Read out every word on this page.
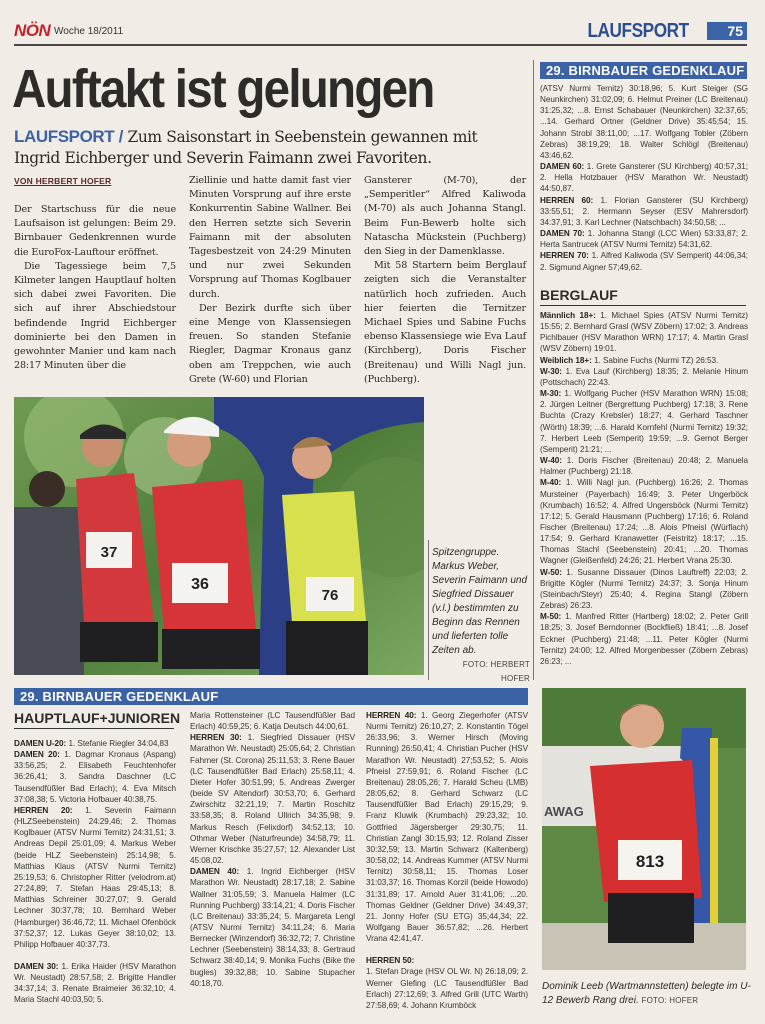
NÖN Woche 18/2011	LAUFSPORT	75
Auftakt ist gelungen
LAUFSPORT / Zum Saisonstart in Seebenstein gewannen mit Ingrid Eichberger und Severin Faimann zwei Favoriten.
VON HERBERT HOFER

Der Startschuss für die neue Laufsaison ist gelungen: Beim 29. Birnbauer Gedenkrennen wurde die EuroFox-Lauftour eröffnet.

Die Tagessiege beim 7,5 Kilmeter langen Hauptlauf holten sich dabei zwei Favoriten. Die sich auf ihrer Abschiedstour befindende Ingrid Eichberger dominierte bei den Damen in gewohnter Manier und kam nach 28:17 Minuten über die

Ziellinie und hatte damit fast vier Minuten Vorsprung auf ihre erste Konkurrentin Sabine Wallner. Bei den Herren setzte sich Severin Faimann mit der absoluten Tagesbestzeit von 24:29 Minuten und nur zwei Sekunden Vorsprung auf Thomas Koglbauer durch.

Der Bezirk durfte sich über eine Menge von Klassensiegen freuen. So standen Stefanie Riegler, Dagmar Kronaus ganz oben am Treppchen, wie auch Grete (W-60) und Florian

Gansterer (M-70), der „Semperitler“ Alfred Kaliwoda (M-70) als auch Johanna Stangl. Beim Fun-Bewerb holte sich Natascha Mückstein (Puchberg) den Sieg in der Damenklasse.

Mit 58 Startern beim Berglauf zeigten sich die Veranstalter natürlich hoch zufrieden. Auch hier feierten die Ternitzer Michael Spies und Sabine Fuchs ebenso Klassensiege wie Eva Lauf (Kirchberg), Doris Fischer (Breitenau) und Willi Nagl jun. (Puchberg).

37
36
76
Spitzengruppe. Markus Weber, Severin Faimann und Siegfried Dissauer (v.l.) bestimmten zu Beginn das Rennen und lieferten tolle Zeiten ab.
FOTO: HERBERT HOFER
29. BIRNBAUER GEDENKLAUF
(ATSV Nurmi Ternitz) 30:18,96; 5. Kurt Steiger (SG Neunkirchen) 31:02,09; 6. Helmut Preiner (LC Breitenau) 31:25,32; ...8. Ernst Schabauer (Neunkirchen) 32:37,65; ...14. Gerhard Ortner (Geldner Drive) 35:45;54; 15. Johann Strobl 38:11,00; ...17. Wolfgang Tobler (Zöbern Zebras) 38:19,29; 18. Walter Schlögl (Breitenau) 43:46,62.
DAMEN 60: 1. Grete Gansterer (SU Kirchberg) 40:57,31; 2. Hella Hotzbauer (HSV Marathon Wr. Neustadt) 44:50,87.
HERREN 60: 1. Florian Gansterer (SU Kirchberg) 33:55,51; 2. Hermann Seyser (ESV Mahrersdorf) 34:37,91; 3. Karl Lechner (Natschbach) 34:50,58; ...
DAMEN 70: 1. Johanna Stangl (LCC Wien) 53:33,87; 2. Herta Santrucek (ATSV Nurmi Ternitz) 54:31,62.
HERREN 70: 1. Alfred Kaliwoda (SV Semperit) 44:06,34; 2. Sigmund Aigner 57;49,62.
BERGLAUF
Männlich 18+: 1. Michael Spies (ATSV Nurmi Ternitz) 15:55; 2. Bernhard Grasl (WSV Zöbern) 17:02; 3. Andreas Pichlbauer (HSV Marathon WRN) 17:17; 4. Martin Grasl (WSV Zöbern) 19:01.
Weiblich 18+: 1. Sabine Fuchs (Nurmi TZ) 26:53.
W-30: 1. Eva Lauf (Kirchberg) 18:35; 2. Melanie Hinum (Pottschach) 22:43.
M-30: 1. Wolfgang Pucher (HSV Marathon WRN) 15:08; 2. Jürgen Leitner (Bergrettung Puchberg) 17:18; 3. Rene Buchta (Crazy Krebsler) 18:27; 4. Gerhard Taschner (Wörth) 18:39; ...6. Harald Kornfehl (Nurmi Ternitz) 19:32; 7. Herbert Leeb (Semperit) 19:59; ...9. Gernot Berger (Semperit) 21:21; ...
W-40: 1. Doris Fischer (Breitenau) 20:48; 2. Manuela Halmer (Puchberg) 21:18.
M-40: 1. Willi Nagl jun. (Puchberg) 16:26; 2. Thomas Mursteiner (Payerbach) 16:49; 3. Peter Ungerböck (Krumbach) 16:52; 4. Alfred Ungersböck (Nurmi Ternitz) 17:12; 5. Gerald Hausmann (Puchberg) 17:16; 6. Roland Fischer (Breitenau) 17:24; ...8. Alois Pfneisl (Würflach) 17:54; 9. Gerhard Kranawetter (Feistritz) 18:17; ...15. Thomas Stachl (Seebenstein) 20:41; ...20. Thomas Wagner (Gleißenfeld) 24:26; 21. Herbert Vrana 25:30.
W-50: 1. Susanne Dissauer (Dinos Lauftreff) 22:03; 2. Brigitte Kögler (Nurmi Ternitz) 24:37; 3. Sonja Hinum (Steinbach/Steyr) 25:40; 4. Regina Stangl (Zöbern Zebras) 26:23.
M-50: 1. Manfred Ritter (Hartberg) 18:02; 2. Peter Grill 18:25; 3. Josef Berndonner (Bockfließ) 18:41; ...8. Josef Eckner (Puchberg) 21:48; ...11. Peter Kögler (Nurmi Ternitz) 24:00; 12. Alfred Morgenbesser (Zöbern Zebras) 26:23; ...
29. BIRNBAUER GEDENKLAUF
HAUPTLAUF+JUNIOREN
DAMEN U-20: 1. Stefanie Riegler 34:04,83
DAMEN 20: 1. Dagmar Kronaus (Aspang) 33:56,25; 2. Elisabeth Feuchtenhofer 36:26,41; 3. Sandra Daschner (LC Tausendfüßler Bad Erlach); 4. Eva Mitsch 37:08,38; 5. Victoria Hofbauer 40:38,75.
HERREN 20: 1. Severin Faimann (HLZSeebenstein) 24:29,46; 2. Thomas Koglbauer (ATSV Nurmi Ternitz) 24:31,51; 3. Andreas Depil 25:01,09; 4. Markus Weber (beide HLZ Seebenstein) 25:14,98; 5. Matthias Klaus (ATSV Nurmi Ternitz) 25:19,53; 6. Christopher Ritter (velodrom.at) 27:24,89; 7. Stefan Haas 29:45,13; 8. Matthias Schreiner 30:27,07; 9. Gerald Lechner 30:37,78; 10. Bernhard Weber (Hamburger) 36:46,72; 11. Michael Ofenböck 37:52,37; 12. Lukas Geyer 38:10,02; 13. Philipp Hofbauer 40:37,73.
DAMEN 30: 1. Erika Haider (HSV Marathon Wr. Neustadt) 28:57,58; 2. Brigitte Handler 34:37,14; 3. Renate Braimeier 36:32,10; 4. Maria Stachl 40:03,50; 5.
Maria Rottensteiner (LC Tausendfüßler Bad Erlach) 40:59,25; 6. Katja Deutsch 44:00,61.
HERREN 30: 1. Siegfried Dissauer (HSV Marathon Wr. Neustadt) 25:05,64; 2. Christian Fahrner (St. Corona) 25:11,53; 3. Rene Bauer (LC Tausendfüßler Bad Erlach) 25:58,11; 4. Dieter Hofer 30:51,99; 5. Andreas Zwerger (beide SV Altendorf) 30:53,70; 6. Gerhard Zwirschitz 32:21,19; 7. Martin Roschitz 33:58,35; 8. Roland Ullrich 34:35,98; 9. Markus Resch (Felixdorf) 34:52,13; 10. Othmar Weber (Naturfreunde) 34:58,79; 11. Werner Krischke 35:27,57; 12. Alexander List 45:08,02.
DAMEN 40: 1. Ingrid Eichberger (HSV Marathon Wr. Neustadt) 28:17,18; 2. Sabine Wallner 31:05,59; 3. Manuela Halmer (LC Running Puchberg) 33:14,21; 4. Doris Fischer (LC Breitenau) 33:35,24; 5. Margareta Lengl (ATSV Nurmi Ternitz) 34:11,24; 6. Maria Bernecker (Winzendorf) 36:32,72; 7. Christine Lechner (Seebenstein) 38:14,33; 8. Gertraud Schwarz 38:40,14; 9. Monika Fuchs (Bike the bugles) 39:32,88; 10. Sabine Stupacher 40:18,70.
HERREN 40: 1. Georg Ziegerhofer (ATSV Nurmi Ternitz) 26:10,27; 2. Konstantin Tögel 26:33,96; 3. Werner Hirsch (Moving Running) 26:50,41; 4. Christian Pucher (HSV Marathon Wr. Neustadt) 27;53,52; 5. Alois Pfneisl 27:59,91; 6. Roland Fischer (LC Breitenau) 28:05,26; 7. Harald Scheu (LMB) 28:05,62; 8. Gerhard Schwarz (LC Tausendfüßler Bad Erlach) 29:15,29; 9. Franz Kluwik (Krumbach) 29:23,32; 10. Gottfried Jägersberger 29:30,75; 11. Christian Zangl 30:15,93; 12. Roland Zisser 30:32,59; 13. Martin Schwarz (Kaltenberg) 30:58,02; 14. Andreas Kummer (ATSV Nurmi Ternitz) 30:58,11; 15. Thomas Loser 31:03,37; 16. Thomas Korzil (beide Howodo) 31:31,89; 17. Arnold Auer 31:41,06; ...20. Thomas Geldner (Geldner Drive) 34:49,37; 21. Jonny Hofer (SU ETG) 35;44,34; 22. Wolfgang Bauer 36:57,82; ...26. Herbert Vrana 42:41,47.
HERREN 50:
1. Stefan Drage (HSV OL Wr. N) 26:18,09; 2. Werner Glefing (LC Tausendfüßler Bad Erlach) 27:12,69; 3. Alfred Grill (UTC Warth) 27:58,69; 4. Johann Krumböck
AWAG
813
Dominik Leeb (Wartmannstetten) belegte im U-12 Bewerb Rang drei. FOTO: HOFER
